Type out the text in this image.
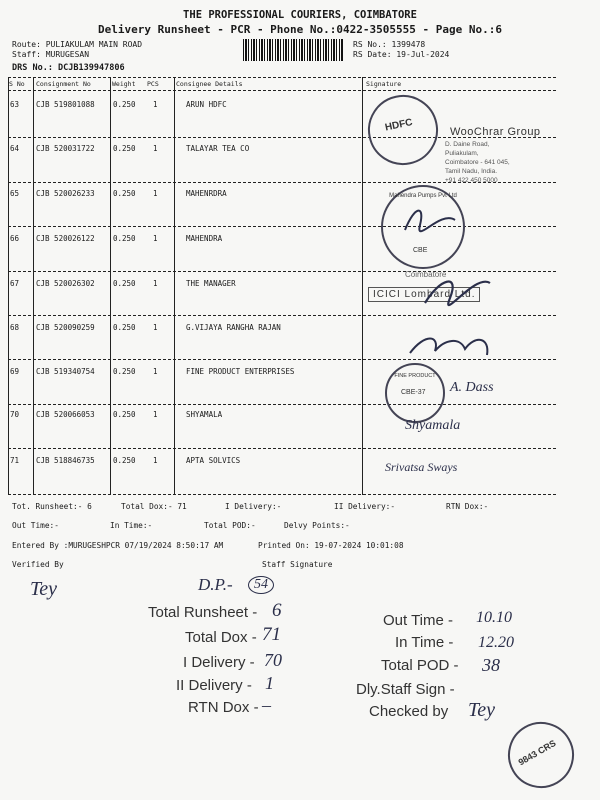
THE PROFESSIONAL COURIERS, COIMBATORE
Delivery Runsheet - PCR - Phone No.:0422-3505555 - Page No.:6
Route: PULIAKULAM MAIN ROAD
Staff: MURUGESAN
DRS No.: DCJB139947806
RS No.: 1399478
RS Date: 19-Jul-2024
S No Consignment No	Weight PCS	Consignee Details	Signature
63 CJB 519801088 0.250 1	ARUN HDFC
64 CJB 520031722 0.250 1	TALAYAR TEA CO
65 CJB 520026233 0.250 1	MAHENRDRA
66 CJB 520026122 0.250 1	MAHENDRA
67 CJB 520026302 0.250 1	THE MANAGER
68 CJB 520090259 0.250 1	G.VIJAYA RANGHA RAJAN
69 CJB 519340754 0.250 1	FINE PRODUCT ENTERPRISES
70 CJB 520066053 0.250 1	SHYAMALA
71 CJB 518846735 0.250 1	APTA SOLVICS
HDFC	WooChrar Group
D. Daine Road,
Puliakulam,
Coimbatore - 641 045,
Tamil Nadu, India.
+91 422 450 5000
Mahendra Pumps Pvt Ltd
CBE
Coimbatore
ICICI Lombard Ltd.
FINE PRODUCT
CBE-37 A. Dass
Shyamala
Srivatsa Sways
Tot. Runsheet:- 6	Total Dox:- 71	I Delivery:-	II Delivery:-	RTN Dox:-
Out Time:-	In Time:-	Total POD:-	Delvy Points:-
Entered By :MURUGESHPCR 07/19/2024 8:50:17 AM	Printed On: 19-07-2024 10:01:08
Verified By	Staff Signature
Tey	D.P.-	54
Total Runsheet - 6
Total Dox - 71
I Delivery - 70
II Delivery - 1
RTN Dox - –
Out Time - 10.10
In Time - 12.20
Total POD - 38
Dly.Staff Sign -
Checked by Tey
9843 CRS
